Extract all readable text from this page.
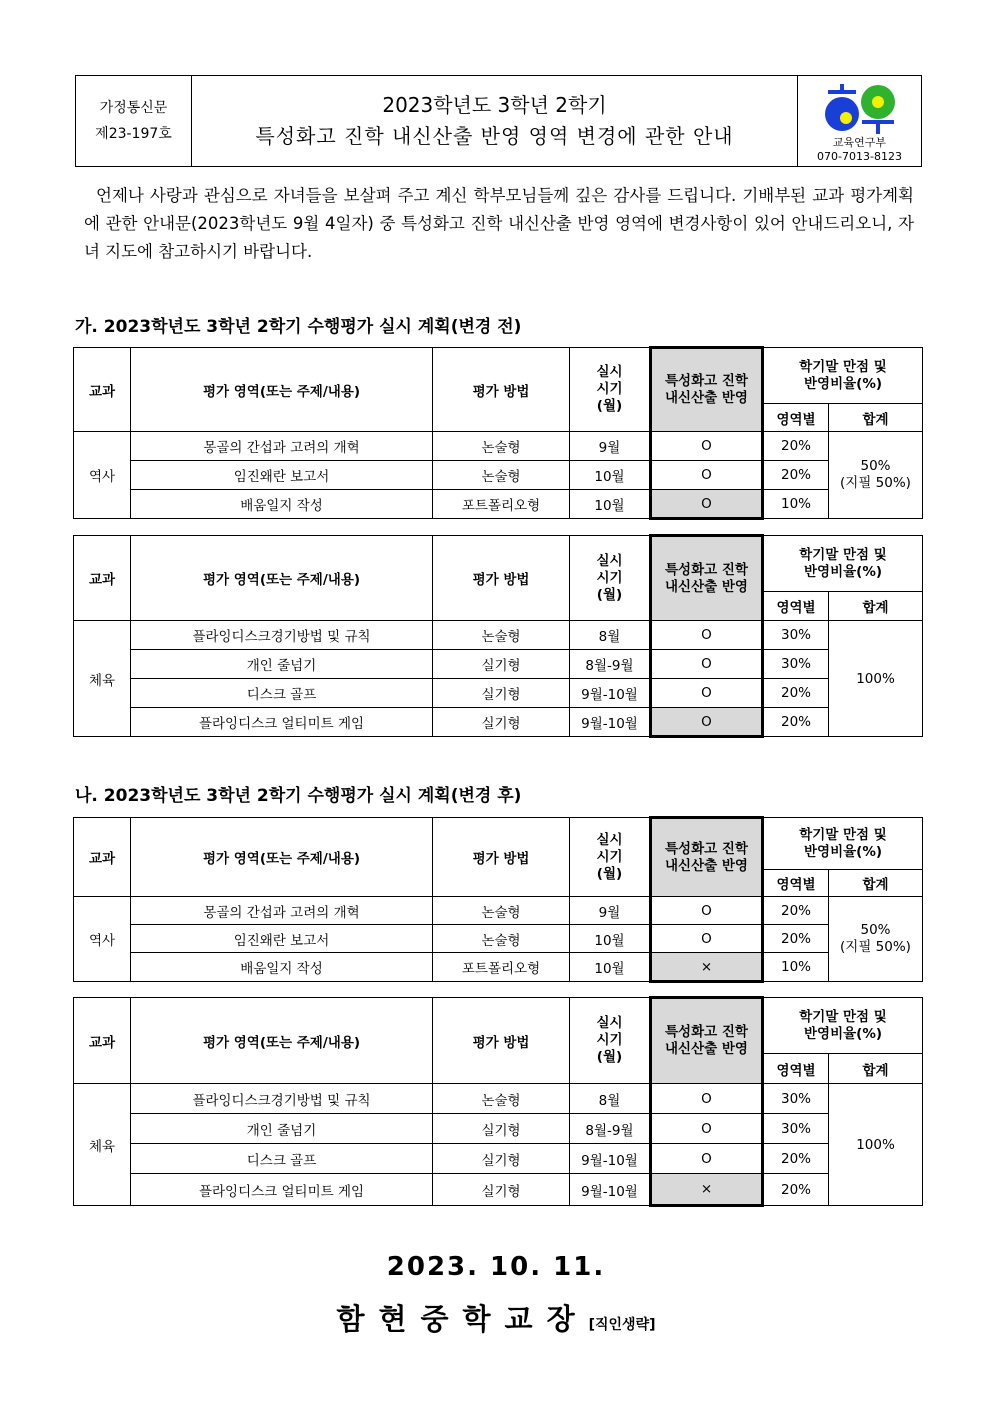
가정통신문
제23-197호
2023학년도 3학년 2학기
특성화고 진학 내신산출 반영 영역 변경에 관한 안내	교육연구부
070-7013-8123

언제나 사랑과 관심으로 자녀들을 보살펴 주고 계신 학부모님들께 깊은 감사를 드립니다. 기배부된 교과 평가계획에 관한 안내문(2023학년도 9월 4일자) 중 특성화고 진학 내신산출 반영 영역에 변경사항이 있어 안내드리오니, 자녀 지도에 참고하시기 바랍니다.

가. 2023학년도 3학년 2학기 수행평가 실시 계획(변경 전)
교과	평가 영역(또는 주제/내용)	평가 방법	실시
시기
(월)	특성화고 진학
내신산출 반영	학기말 만점 및
반영비율(%)	
					영역별	합계
역사	몽골의 간섭과 고려의 개혁	논술형	9월	O	20%	50%
(지필 50%)
	임진왜란 보고서	논술형	10월	O	20%	
	배움일지 작성	포트폴리오형	10월	O	10%	
교과	평가 영역(또는 주제/내용)	평가 방법	실시
시기
(월)	특성화고 진학
내신산출 반영	학기말 만점 및
반영비율(%)	
					영역별	합계
체육	플라잉디스크경기방법 및 규칙	논술형	8월	O	30%	100%
	개인 줄넘기	실기형	8월-9월	O	30%	
	디스크 골프	실기형	9월-10월	O	20%	
	플라잉디스크 얼티미트 게임	실기형	9월-10월	O	20%	
나. 2023학년도 3학년 2학기 수행평가 실시 계획(변경 후)
교과	평가 영역(또는 주제/내용)	평가 방법	실시
시기
(월)	특성화고 진학
내신산출 반영	학기말 만점 및
반영비율(%)	
					영역별	합계
역사	몽골의 간섭과 고려의 개혁	논술형	9월	O	20%	50%
(지필 50%)
	임진왜란 보고서	논술형	10월	O	20%	
	배움일지 작성	포트폴리오형	10월	×	10%	
교과	평가 영역(또는 주제/내용)	평가 방법	실시
시기
(월)	특성화고 진학
내신산출 반영	학기말 만점 및
반영비율(%)	
					영역별	합계
체육	플라잉디스크경기방법 및 규칙	논술형	8월	O	30%	100%
	개인 줄넘기	실기형	8월-9월	O	30%	
	디스크 골프	실기형	9월-10월	O	20%	
	플라잉디스크 얼티미트 게임	실기형	9월-10월	×	20%	
2023. 10. 11.
함현중학교장[직인생략]
